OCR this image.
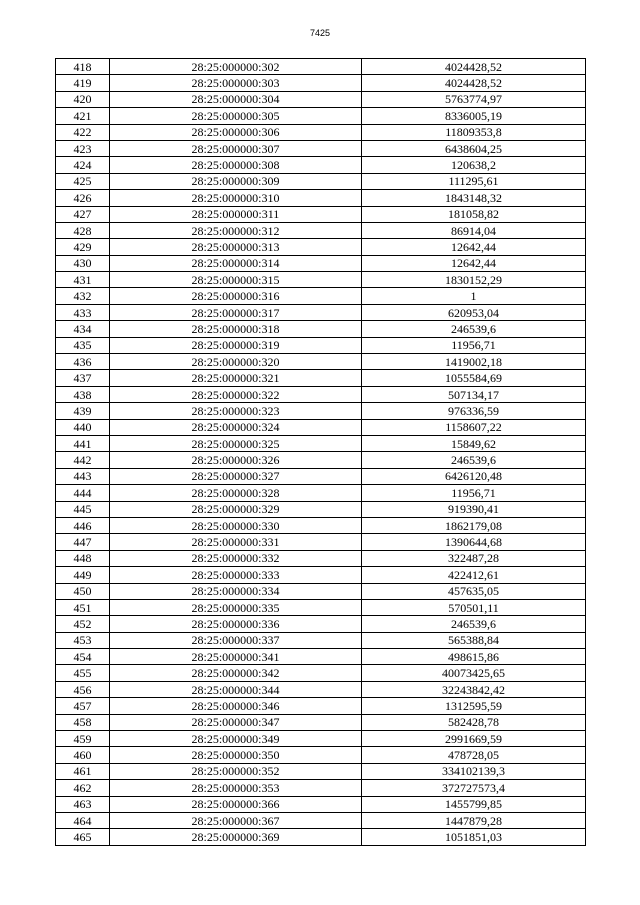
7425
418	28:25:000000:302	4024428,52
419	28:25:000000:303	4024428,52
420	28:25:000000:304	5763774,97
421	28:25:000000:305	8336005,19
422	28:25:000000:306	11809353,8
423	28:25:000000:307	6438604,25
424	28:25:000000:308	120638,2
425	28:25:000000:309	111295,61
426	28:25:000000:310	1843148,32
427	28:25:000000:311	181058,82
428	28:25:000000:312	86914,04
429	28:25:000000:313	12642,44
430	28:25:000000:314	12642,44
431	28:25:000000:315	1830152,29
432	28:25:000000:316	1
433	28:25:000000:317	620953,04
434	28:25:000000:318	246539,6
435	28:25:000000:319	11956,71
436	28:25:000000:320	1419002,18
437	28:25:000000:321	1055584,69
438	28:25:000000:322	507134,17
439	28:25:000000:323	976336,59
440	28:25:000000:324	1158607,22
441	28:25:000000:325	15849,62
442	28:25:000000:326	246539,6
443	28:25:000000:327	6426120,48
444	28:25:000000:328	11956,71
445	28:25:000000:329	919390,41
446	28:25:000000:330	1862179,08
447	28:25:000000:331	1390644,68
448	28:25:000000:332	322487,28
449	28:25:000000:333	422412,61
450	28:25:000000:334	457635,05
451	28:25:000000:335	570501,11
452	28:25:000000:336	246539,6
453	28:25:000000:337	565388,84
454	28:25:000000:341	498615,86
455	28:25:000000:342	40073425,65
456	28:25:000000:344	32243842,42
457	28:25:000000:346	1312595,59
458	28:25:000000:347	582428,78
459	28:25:000000:349	2991669,59
460	28:25:000000:350	478728,05
461	28:25:000000:352	334102139,3
462	28:25:000000:353	372727573,4
463	28:25:000000:366	1455799,85
464	28:25:000000:367	1447879,28
465	28:25:000000:369	1051851,03
